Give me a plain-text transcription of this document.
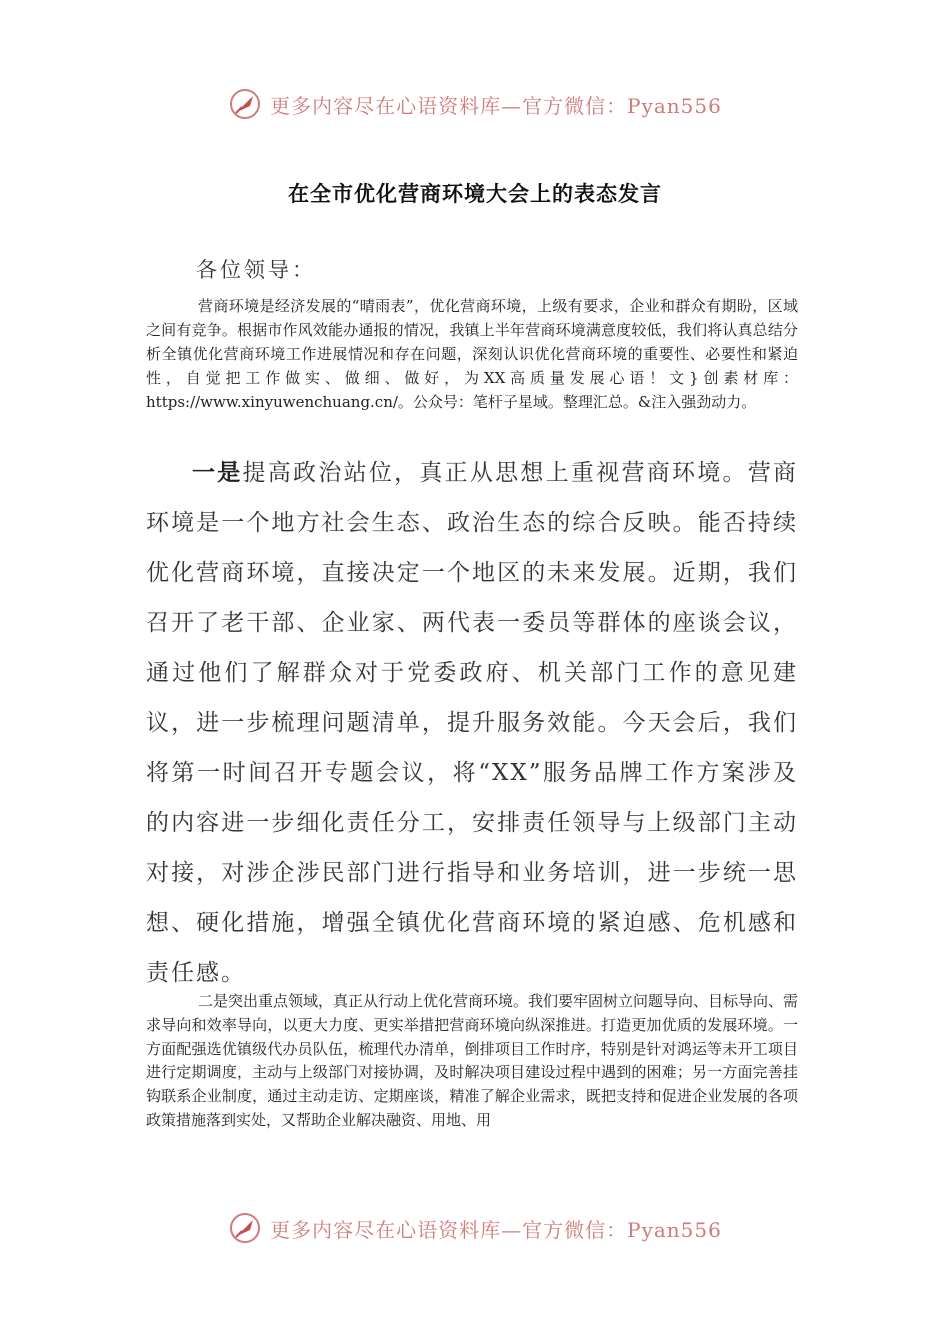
更多内容尽在心语资料库—官方微信：Pyan556
在全市优化营商环境大会上的表态发言
各位领导：

营商环境是经济发展的“晴雨表”，优化营商环境，上级有要求，企业和群众有期盼，区域之间有竞争。根据市作风效能办通报的情况，我镇上半年营商环境满意度较低，我们将认真总结分析全镇优化营商环境工作进展情况和存在问题，深刻认识优化营商环境的重要性、必要性和紧迫性，自觉把工作做实、做细、做好，为XX高质量发展心语！文}创素材库：https://www.xinyuwenchuang.cn/。公众号：笔杆子星域。整理汇总。&注入强劲动力。

一是提高政治站位，真正从思想上重视营商环境。营商环境是一个地方社会生态、政治生态的综合反映。能否持续优化营商环境，直接决定一个地区的未来发展。近期，我们召开了老干部、企业家、两代表一委员等群体的座谈会议，通过他们了解群众对于党委政府、机关部门工作的意见建议，进一步梳理问题清单，提升服务效能。今天会后，我们将第一时间召开专题会议，将“XX”服务品牌工作方案涉及的内容进一步细化责任分工，安排责任领导与上级部门主动对接，对涉企涉民部门进行指导和业务培训，进一步统一思想、硬化措施，增强全镇优化营商环境的紧迫感、危机感和责任感。

二是突出重点领域，真正从行动上优化营商环境。我们要牢固树立问题导向、目标导向、需求导向和效率导向，以更大力度、更实举措把营商环境向纵深推进。打造更加优质的发展环境。一方面配强选优镇级代办员队伍，梳理代办清单，倒排项目工作时序，特别是针对鸿运等未开工项目进行定期调度，主动与上级部门对接协调，及时解决项目建设过程中遇到的困难；另一方面完善挂钩联系企业制度，通过主动走访、定期座谈，精准了解企业需求，既把支持和促进企业发展的各项政策措施落到实处，又帮助企业解决融资、用地、用

更多内容尽在心语资料库—官方微信：Pyan556
